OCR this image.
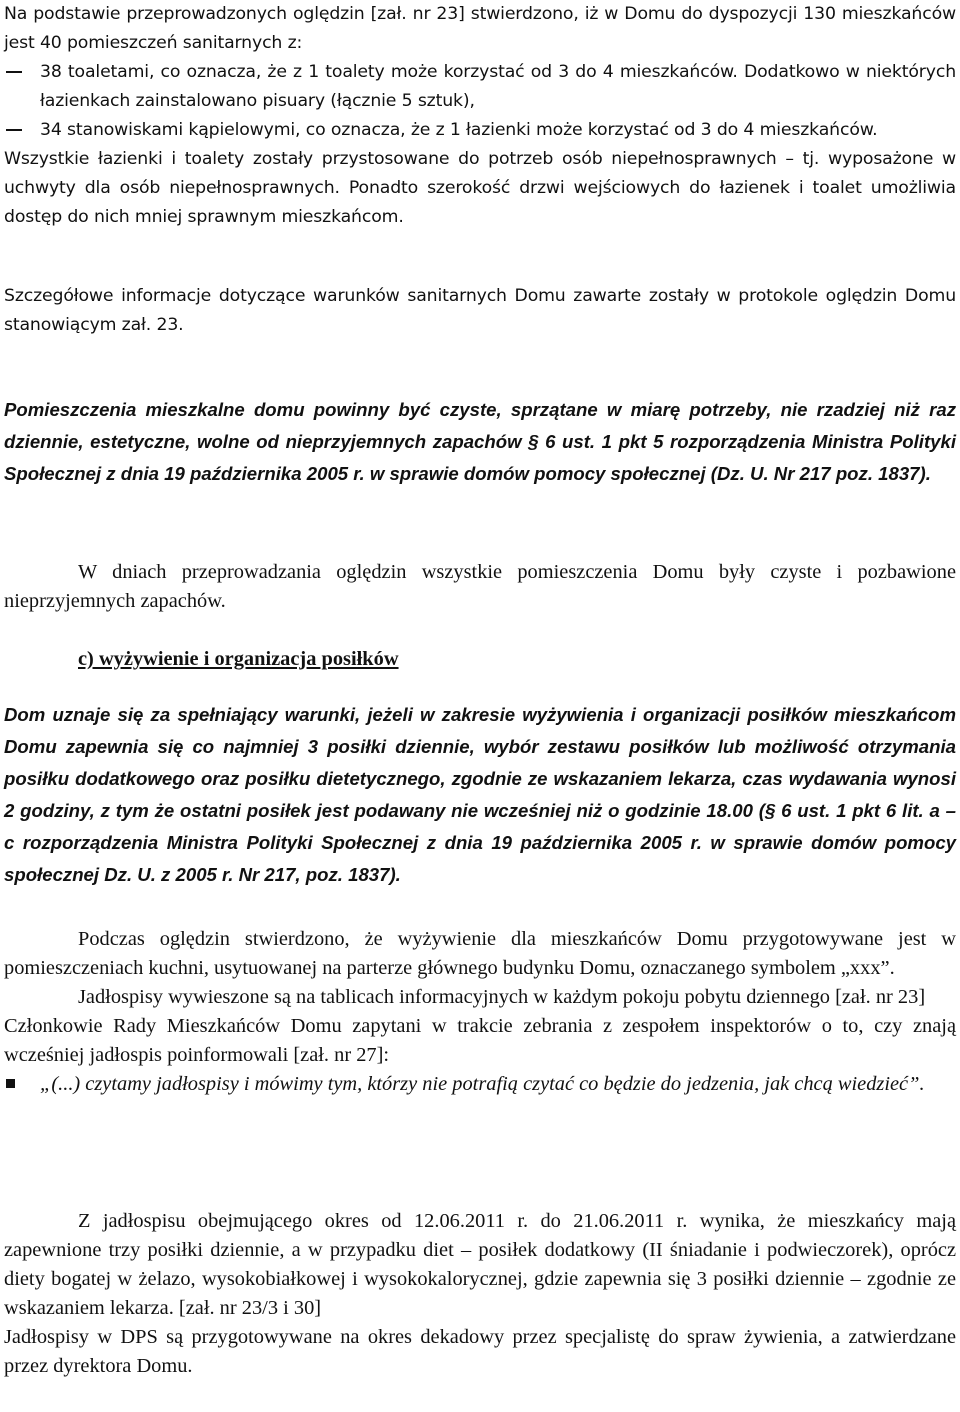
Na podstawie przeprowadzonych oględzin [zał. nr 23] stwierdzono, iż w Domu do dyspozycji 130 mieszkańców jest 40 pomieszczeń sanitarnych z:

38 toaletami, co oznacza, że z 1 toalety może korzystać od 3 do 4 mieszkańców. Dodatkowo w niektórych łazienkach zainstalowano pisuary (łącznie 5 sztuk),

34 stanowiskami kąpielowymi, co oznacza, że z 1 łazienki może korzystać od 3 do 4 mieszkańców.

Wszystkie łazienki i toalety zostały przystosowane do potrzeb osób niepełnosprawnych – tj. wyposażone w uchwyty dla osób niepełnosprawnych. Ponadto szerokość drzwi wejściowych do łazienek i toalet umożliwia dostęp do nich mniej sprawnym mieszkańcom.

Szczegółowe informacje dotyczące warunków sanitarnych Domu zawarte zostały w protokole oględzin Domu stanowiącym zał. 23.

Pomieszczenia mieszkalne domu powinny być czyste, sprzątane w miarę potrzeby, nie rzadziej niż raz dziennie, estetyczne, wolne od nieprzyjemnych zapachów § 6 ust. 1 pkt 5 rozporządzenia Ministra Polityki Społecznej z dnia 19 października 2005 r. w sprawie domów pomocy społecznej (Dz. U. Nr 217 poz. 1837).

W dniach przeprowadzania oględzin wszystkie pomieszczenia Domu były czyste i pozbawione nieprzyjemnych zapachów.

c) wyżywienie i organizacja posiłków

Dom uznaje się za spełniający warunki, jeżeli w zakresie wyżywienia i organizacji posiłków mieszkańcom Domu zapewnia się co najmniej 3 posiłki dziennie, wybór zestawu posiłków lub możliwość otrzymania posiłku dodatkowego oraz posiłku dietetycznego, zgodnie ze wskazaniem lekarza, czas wydawania wynosi 2 godziny, z tym że ostatni posiłek jest podawany nie wcześniej niż o godzinie 18.00 (§ 6 ust. 1 pkt 6 lit. a – c rozporządzenia Ministra Polityki Społecznej z dnia 19 października 2005 r. w sprawie domów pomocy społecznej Dz. U. z 2005 r. Nr 217, poz. 1837).

Podczas oględzin stwierdzono, że wyżywienie dla mieszkańców Domu przygotowywane jest w pomieszczeniach kuchni, usytuowanej na parterze głównego budynku Domu, oznaczanego symbolem „xxx”.

Jadłospisy wywieszone są na tablicach informacyjnych w każdym pokoju pobytu dziennego [zał. nr 23]

Członkowie Rady Mieszkańców Domu zapytani w trakcie zebrania z zespołem inspektorów o to, czy znają wcześniej jadłospis poinformowali [zał. nr 27]:

„(...) czytamy jadłospisy i mówimy tym, którzy nie potrafią czytać co będzie do jedzenia, jak chcą wiedzieć”.

Z jadłospisu obejmującego okres od 12.06.2011 r. do 21.06.2011 r. wynika, że mieszkańcy mają zapewnione trzy posiłki dziennie, a w przypadku diet – posiłek dodatkowy (II śniadanie i podwieczorek), oprócz diety bogatej w żelazo, wysokobiałkowej i wysokokalorycznej, gdzie zapewnia się 3 posiłki dziennie – zgodnie ze wskazaniem lekarza. [zał. nr 23/3 i 30]

Jadłospisy w DPS są przygotowywane na okres dekadowy przez specjalistę do spraw żywienia, a zatwierdzane przez dyrektora Domu.
